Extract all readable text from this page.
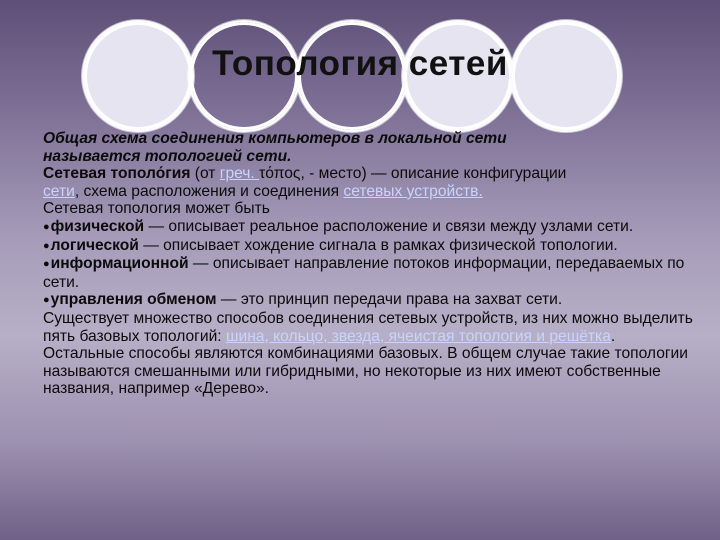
Топология сетей

Общая схема соединения компьютеров в локальной сети
называется топологией сети.

Сетевая тополо́гия (от греч. τόπος, - место) — описание конфигурации
сети, схема расположения и соединения сетевых устройств.

Сетевая топология может быть

●физической — описывает реальное расположение и связи между узлами сети.

●логической — описывает хождение сигнала в рамках физической топологии.

●информационной — описывает направление потоков информации, передаваемых по сети.

●управления обменом — это принцип передачи права на захват сети.

Существует множество способов соединения сетевых устройств, из них можно выделить пять базовых топологий: шина, кольцо, звезда, ячеистая топология и решётка. Остальные способы являются комбинациями базовых. В общем случае такие топологии называются смешанными или гибридными, но некоторые из них имеют собственные названия, например «Дерево».
